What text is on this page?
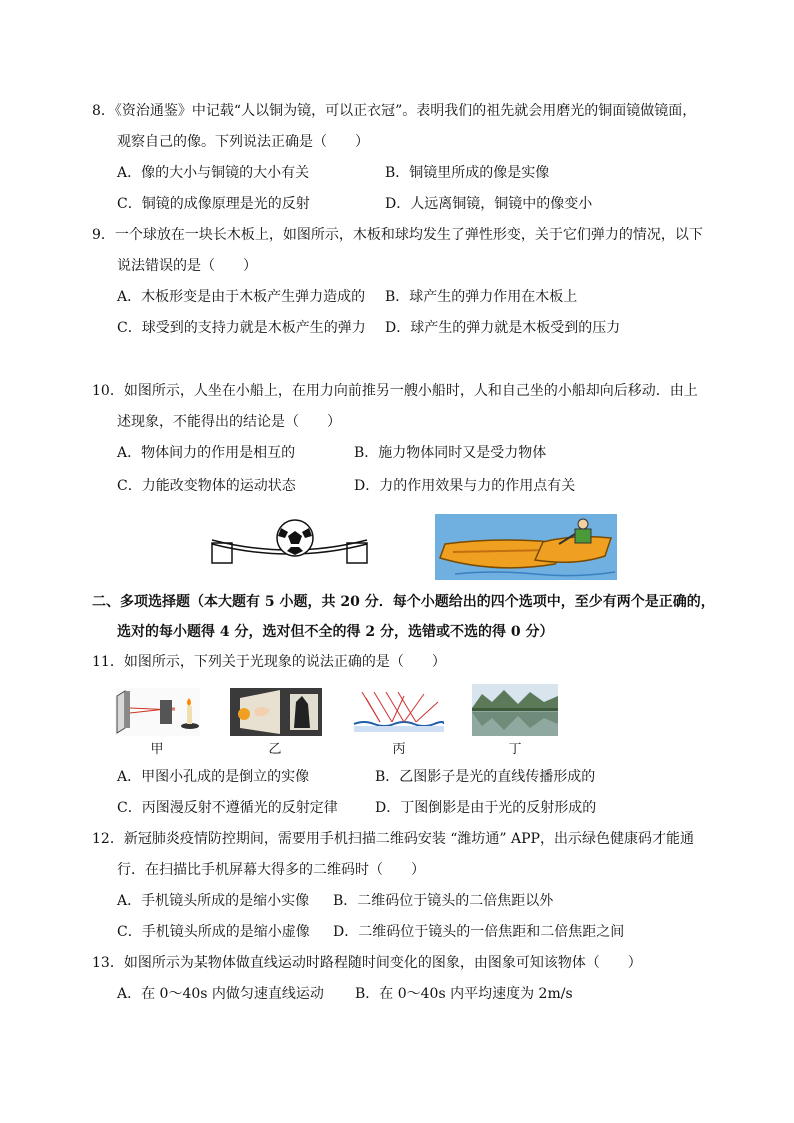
8．《资治通鉴》中记载“人以铜为镜，可以正衣冠”。表明我们的祖先就会用磨光的铜面镜做镜面，
观察自己的像。下列说法正确是（　　）
A．像的大小与铜镜的大小有关	B．铜镜里所成的像是实像
C．铜镜的成像原理是光的反射	D．人远离铜镜，铜镜中的像变小
9．一个球放在一块长木板上，如图所示，木板和球均发生了弹性形变，关于它们弹力的情况，以下
说法错误的是（　　）
A．木板形变是由于木板产生弹力造成的 B．球产生的弹力作用在木板上
C．球受到的支持力就是木板产生的弹力 D．球产生的弹力就是木板受到的压力
10．如图所示，人坐在小船上，在用力向前推另一艘小船时，人和自己坐的小船却向后移动．由上
述现象，不能得出的结论是（　　）
A．物体间力的作用是相互的	B．施力物体同时又是受力物体
C．力能改变物体的运动状态	D．力的作用效果与力的作用点有关
二、多项选择题（本大题有 5 小题，共 20 分．每个小题给出的四个选项中，至少有两个是正确的，
选对的每小题得 4 分，选对但不全的得 2 分，选错或不选的得 0 分）
11．如图所示，下列关于光现象的说法正确的是（　　）
甲	乙	丙	丁
A．甲图小孔成的是倒立的实像	B．乙图影子是光的直线传播形成的
C．丙图漫反射不遵循光的反射定律	D．丁图倒影是由于光的反射形成的
12．新冠肺炎疫情防控期间，需要用手机扫描二维码安装 “潍坊通” APP，出示绿色健康码才能通
行．在扫描比手机屏幕大得多的二维码时（　　）
A．手机镜头所成的是缩小实像 B．二维码位于镜头的二倍焦距以外
C．手机镜头所成的是缩小虚像 D．二维码位于镜头的一倍焦距和二倍焦距之间
13．如图所示为某物体做直线运动时路程随时间变化的图象，由图象可知该物体（　　）
A．在 0～40s 内做匀速直线运动 B．在 0～40s 内平均速度为 2m/s
